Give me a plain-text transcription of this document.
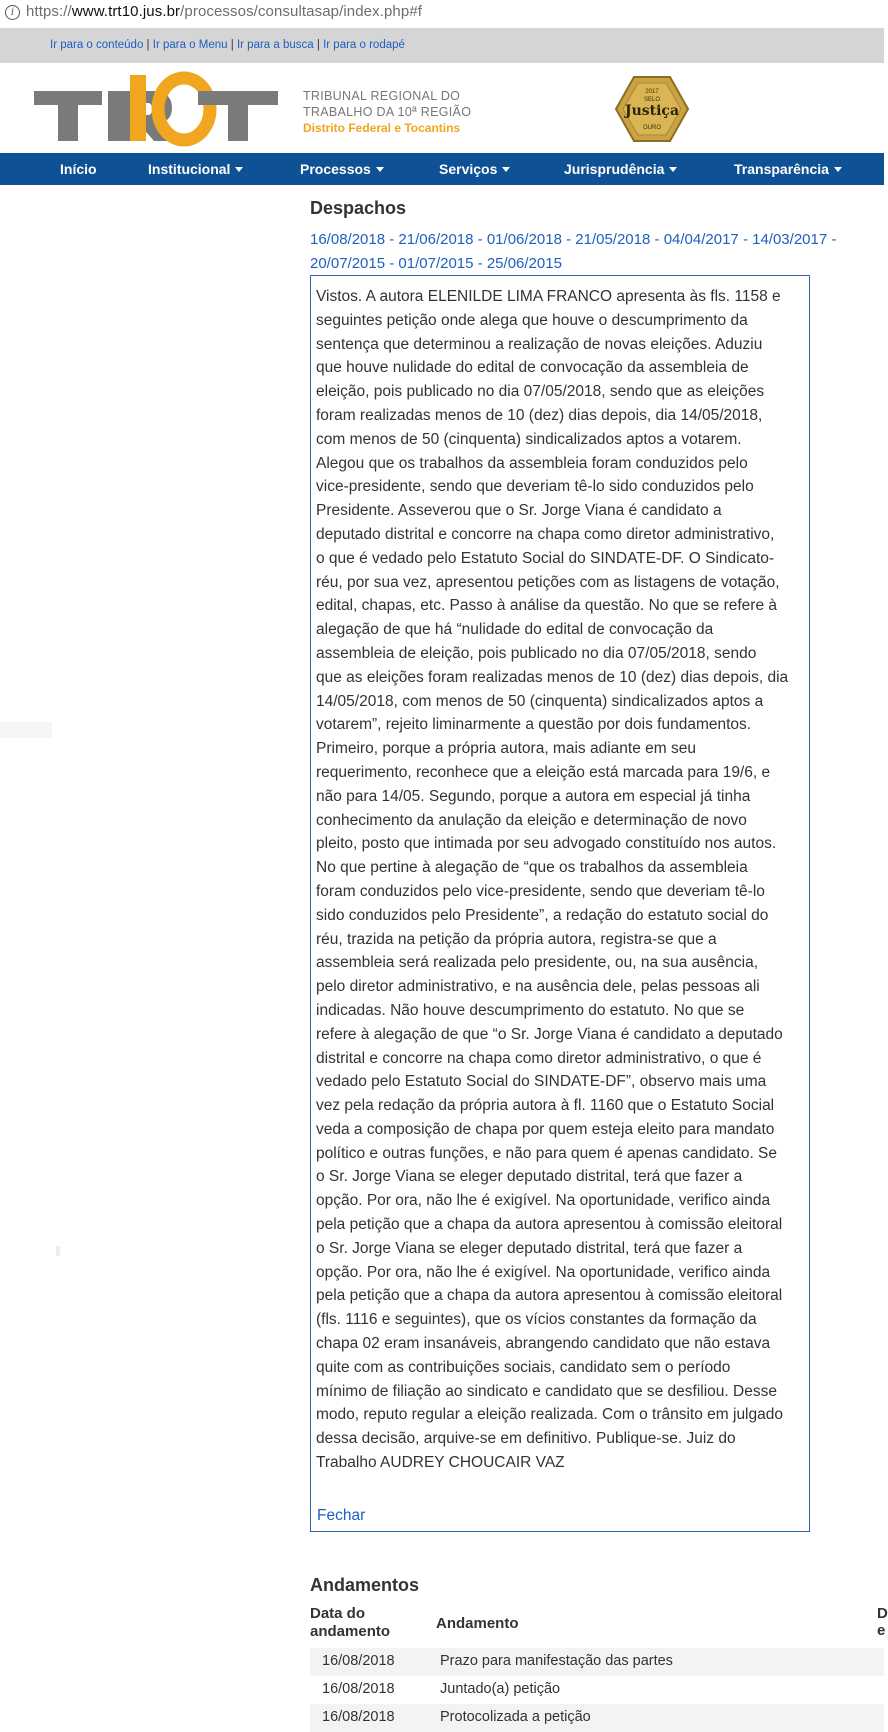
i https://www.trt10.jus.br/processos/consultasap/index.php#f
Ir para o conteúdo | Ir para o Menu | Ir para a busca | Ir para o rodapé
TRIBUNAL REGIONAL DO
TRABALHO DA 10ª REGIÃO
Distrito Federal e Tocantins
2017
SELO
Justiça
OURO
Início	Institucional	Processos	Serviços	Jurisprudência	Transparência
Despachos
16/08/2018 - 21/06/2018 - 01/06/2018 - 21/05/2018 - 04/04/2017 - 14/03/2017 -
20/07/2015 - 01/07/2015 - 25/06/2015
Vistos. A autora ELENILDE LIMA FRANCO apresenta às fls. 1158 e
seguintes petição onde alega que houve o descumprimento da
sentença que determinou a realização de novas eleições. Aduziu
que houve nulidade do edital de convocação da assembleia de
eleição, pois publicado no dia 07/05/2018, sendo que as eleições
foram realizadas menos de 10 (dez) dias depois, dia 14/05/2018,
com menos de 50 (cinquenta) sindicalizados aptos a votarem.
Alegou que os trabalhos da assembleia foram conduzidos pelo
vice-presidente, sendo que deveriam tê-lo sido conduzidos pelo
Presidente. Asseverou que o Sr. Jorge Viana é candidato a
deputado distrital e concorre na chapa como diretor administrativo,
o que é vedado pelo Estatuto Social do SINDATE-DF. O Sindicato-
réu, por sua vez, apresentou petições com as listagens de votação,
edital, chapas, etc. Passo à análise da questão. No que se refere à
alegação de que há “nulidade do edital de convocação da
assembleia de eleição, pois publicado no dia 07/05/2018, sendo
que as eleições foram realizadas menos de 10 (dez) dias depois, dia
14/05/2018, com menos de 50 (cinquenta) sindicalizados aptos a
votarem”, rejeito liminarmente a questão por dois fundamentos.
Primeiro, porque a própria autora, mais adiante em seu
requerimento, reconhece que a eleição está marcada para 19/6, e
não para 14/05. Segundo, porque a autora em especial já tinha
conhecimento da anulação da eleição e determinação de novo
pleito, posto que intimada por seu advogado constituído nos autos.
No que pertine à alegação de “que os trabalhos da assembleia
foram conduzidos pelo vice-presidente, sendo que deveriam tê-lo
sido conduzidos pelo Presidente”, a redação do estatuto social do
réu, trazida na petição da própria autora, registra-se que a
assembleia será realizada pelo presidente, ou, na sua ausência,
pelo diretor administrativo, e na ausência dele, pelas pessoas ali
indicadas. Não houve descumprimento do estatuto. No que se
refere à alegação de que “o Sr. Jorge Viana é candidato a deputado
distrital e concorre na chapa como diretor administrativo, o que é
vedado pelo Estatuto Social do SINDATE-DF”, observo mais uma
vez pela redação da própria autora à fl. 1160 que o Estatuto Social
veda a composição de chapa por quem esteja eleito para mandato
político e outras funções, e não para quem é apenas candidato. Se
o Sr. Jorge Viana se eleger deputado distrital, terá que fazer a
opção. Por ora, não lhe é exigível. Na oportunidade, verifico ainda
pela petição que a chapa da autora apresentou à comissão eleitoral
o Sr. Jorge Viana se eleger deputado distrital, terá que fazer a
opção. Por ora, não lhe é exigível. Na oportunidade, verifico ainda
pela petição que a chapa da autora apresentou à comissão eleitoral
(fls. 1116 e seguintes), que os vícios constantes da formação da
chapa 02 eram insanáveis, abrangendo candidato que não estava
quite com as contribuições sociais, candidato sem o período
mínimo de filiação ao sindicato e candidato que se desfiliou. Desse
modo, reputo regular a eleição realizada. Com o trânsito em julgado
dessa decisão, arquive-se em definitivo. Publique-se. Juiz do
Trabalho AUDREY CHOUCAIR VAZ
Fechar
Andamentos
Data do
andamento	Andamento
D
e
16/08/2018	Prazo para manifestação das partes
16/08/2018	Juntado(a) petição
16/08/2018	Protocolizada a petição
